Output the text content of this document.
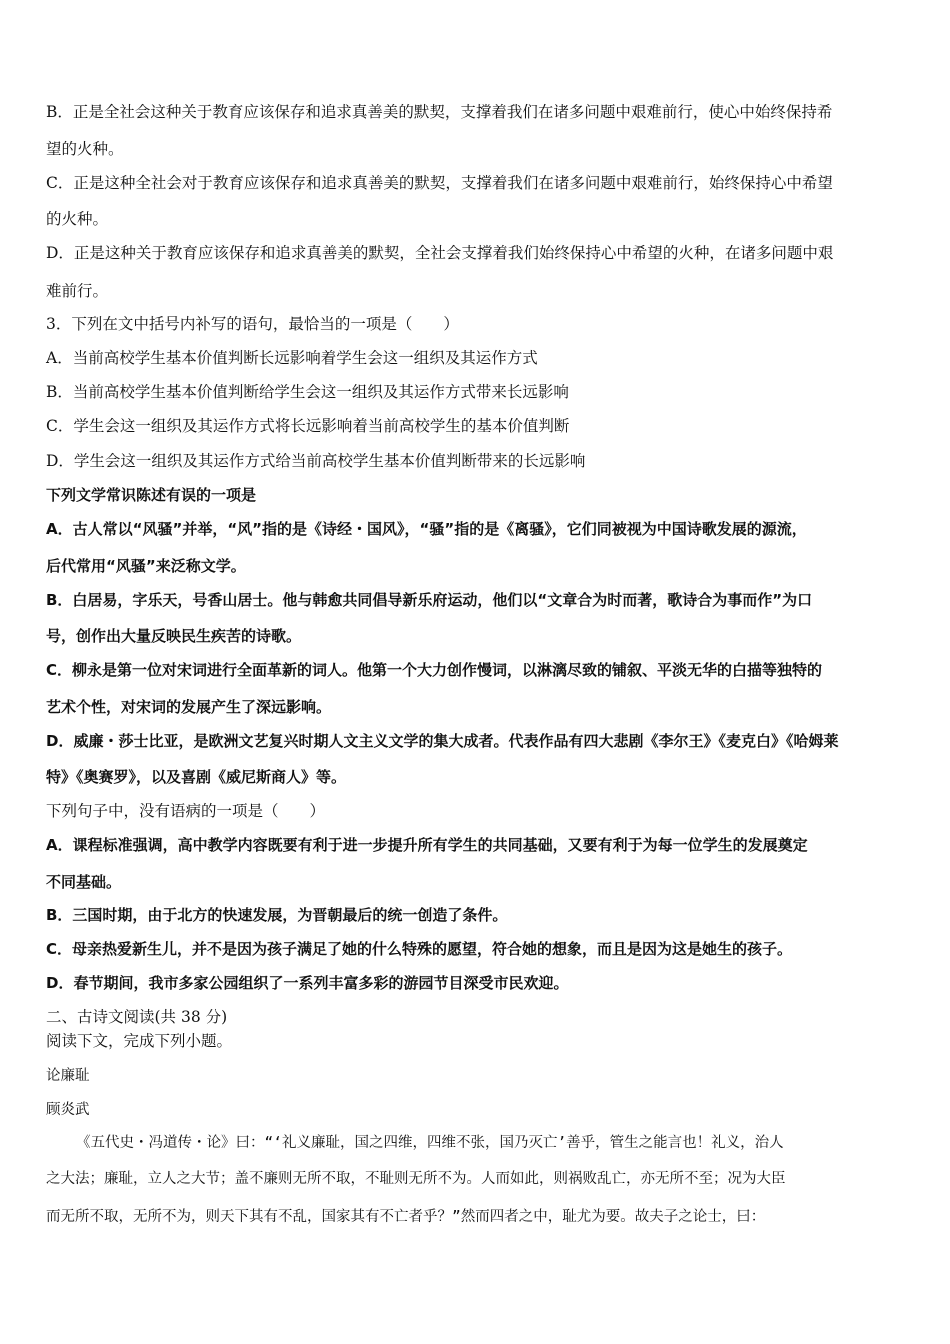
B．正是全社会这种关于教育应该保存和追求真善美的默契，支撑着我们在诸多问题中艰难前行，使心中始终保持希
望的火种。
C．正是这种全社会对于教育应该保存和追求真善美的默契，支撑着我们在诸多问题中艰难前行，始终保持心中希望
的火种。
D．正是这种关于教育应该保存和追求真善美的默契，全社会支撑着我们始终保持心中希望的火种，在诸多问题中艰
难前行。
3．下列在文中括号内补写的语句，最恰当的一项是（　　）
A．当前高校学生基本价值判断长远影响着学生会这一组织及其运作方式
B．当前高校学生基本价值判断给学生会这一组织及其运作方式带来长远影响
C．学生会这一组织及其运作方式将长远影响着当前高校学生的基本价值判断
D．学生会这一组织及其运作方式给当前高校学生基本价值判断带来的长远影响
下列文学常识陈述有误的一项是
A．古人常以“风骚”并举，“风”指的是《诗经・国风》，“骚”指的是《离骚》，它们同被视为中国诗歌发展的源流，
后代常用“风骚”来泛称文学。
B．白居易，字乐天，号香山居士。他与韩愈共同倡导新乐府运动，他们以“文章合为时而著，歌诗合为事而作”为口
号，创作出大量反映民生疾苦的诗歌。
C．柳永是第一位对宋词进行全面革新的词人。他第一个大力创作慢词，以淋漓尽致的铺叙、平淡无华的白描等独特的
艺术个性，对宋词的发展产生了深远影响。
D．威廉・莎士比亚，是欧洲文艺复兴时期人文主义文学的集大成者。代表作品有四大悲剧《李尔王》《麦克白》《哈姆莱
特》《奥赛罗》，以及喜剧《威尼斯商人》等。
下列句子中，没有语病的一项是（　　）
A．课程标准强调，高中教学内容既要有利于进一步提升所有学生的共同基础，又要有利于为每一位学生的发展奠定
不同基础。
B．三国时期，由于北方的快速发展，为晋朝最后的统一创造了条件。
C．母亲热爱新生儿，并不是因为孩子满足了她的什么特殊的愿望，符合她的想象，而且是因为这是她生的孩子。
D．春节期间，我市多家公园组织了一系列丰富多彩的游园节目深受市民欢迎。
二、古诗文阅读(共 38 分)
阅读下文，完成下列小题。
论廉耻
顾炎武
《五代史・冯道传・论》曰：“‘礼义廉耻，国之四维，四维不张，国乃灭亡’善乎，管生之能言也！礼义，治人
之大法；廉耻，立人之大节；盖不廉则无所不取，不耻则无所不为。人而如此，则祸败乱亡，亦无所不至；况为大臣
而无所不取，无所不为，则天下其有不乱，国家其有不亡者乎？”然而四者之中，耻尤为要。故夫子之论士，曰：
